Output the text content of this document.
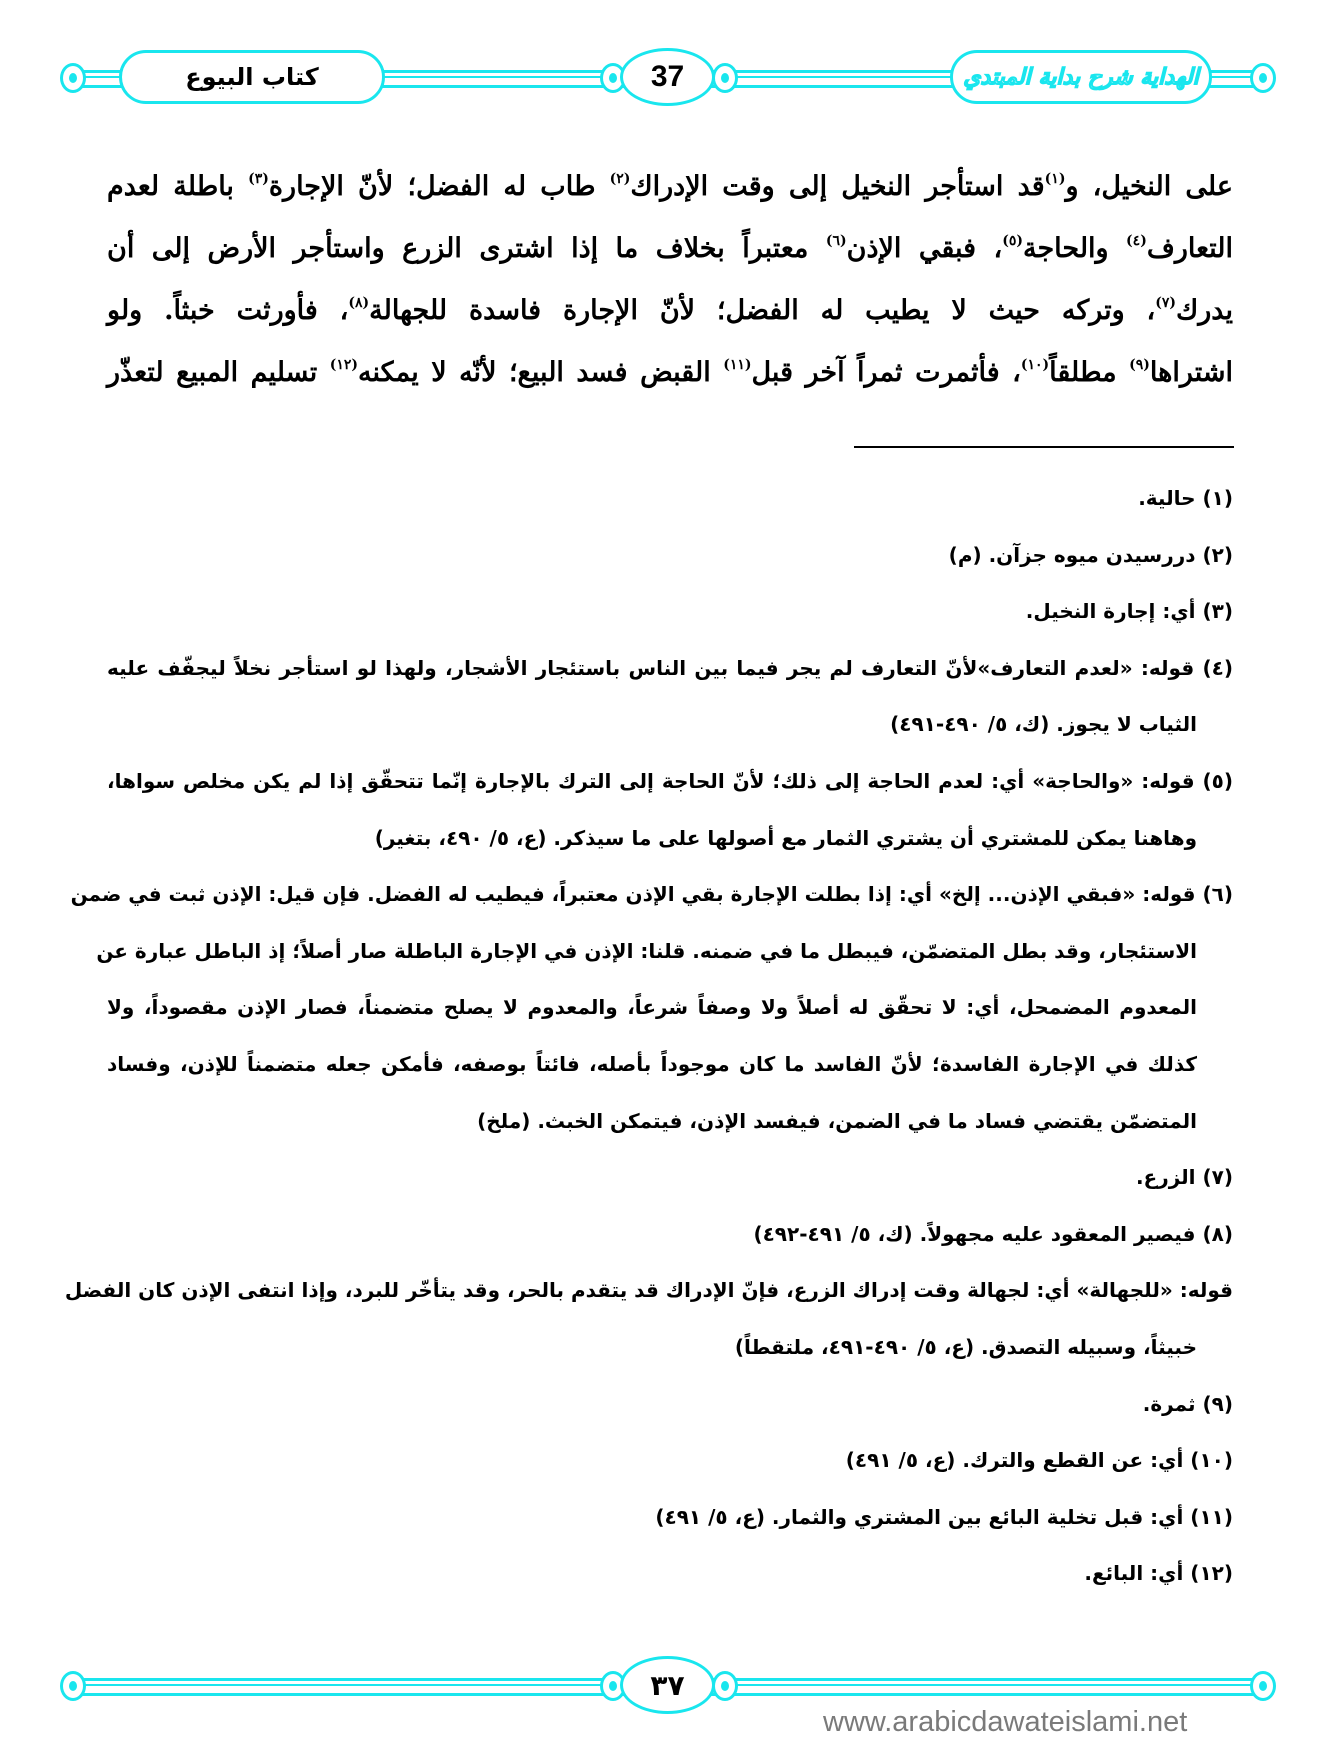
كتاب البيوع	37	الهداية شرح بداية المبتدي
على النخيل، و$^{(١)}$قد استأجر النخيل إلى وقت الإدراك$^{(٢)}$ طاب له الفضل؛ لأنّ الإجارة$^{(٣)}$ باطلة لعدم
التعارف$^{(٤)}$ والحاجة$^{(٥)}$، فبقي الإذن$^{(٦)}$ معتبراً بخلاف ما إذا اشترى الزرع واستأجر الأرض إلى أن
يدرك$^{(٧)}$، وتركه حيث لا يطيب له الفضل؛ لأنّ الإجارة فاسدة للجهالة$^{(٨)}$، فأورثت خبثاً. ولو
اشتراها$^{(٩)}$ مطلقاً$^{(١٠)}$، فأثمرت ثمراً آخر قبل$^{(١١)}$ القبض فسد البيع؛ لأنّه لا يمكنه$^{(١٢)}$ تسليم المبيع لتعذّر
(١) حالية.
(٢) دررسيدن ميوه جزآن. (م)
(٣) أي: إجارة النخيل.
(٤) قوله: «لعدم التعارف»لأنّ التعارف لم يجر فيما بين الناس باستئجار الأشجار، ولهذا لو استأجر نخلاً ليجفّف عليه
الثياب لا يجوز. (ك، ٥/ ٤٩٠-٤٩١)
(٥) قوله: «والحاجة» أي: لعدم الحاجة إلى ذلك؛ لأنّ الحاجة إلى الترك بالإجارة إنّما تتحقّق إذا لم يكن مخلص سواها،
وهاهنا يمكن للمشتري أن يشتري الثمار مع أصولها على ما سيذكر. (ع، ٥/ ٤٩٠، بتغير)
(٦) قوله: «فبقي الإذن... إلخ» أي: إذا بطلت الإجارة بقي الإذن معتبراً، فيطيب له الفضل. فإن قيل: الإذن ثبت في ضمن
الاستئجار، وقد بطل المتضمّن، فيبطل ما في ضمنه. قلنا: الإذن في الإجارة الباطلة صار أصلاً؛ إذ الباطل عبارة عن
المعدوم المضمحل، أي: لا تحقّق له أصلاً ولا وصفاً شرعاً، والمعدوم لا يصلح متضمناً، فصار الإذن مقصوداً، ولا
كذلك في الإجارة الفاسدة؛ لأنّ الفاسد ما كان موجوداً بأصله، فائتاً بوصفه، فأمكن جعله متضمناً للإذن، وفساد
المتضمّن يقتضي فساد ما في الضمن، فيفسد الإذن، فيتمكن الخبث. (ملخ)
(٧) الزرع.
(٨) فيصير المعقود عليه مجهولاً. (ك، ٥/ ٤٩١-٤٩٢)
قوله: «للجهالة» أي: لجهالة وقت إدراك الزرع، فإنّ الإدراك قد يتقدم بالحر، وقد يتأخّر للبرد، وإذا انتفى الإذن كان الفضل
خبيثاً، وسبيله التصدق. (ع، ٥/ ٤٩٠-٤٩١، ملتقطاً)
(٩) ثمرة.
(١٠) أي: عن القطع والترك. (ع، ٥/ ٤٩١)
(١١) أي: قبل تخلية البائع بين المشتري والثمار. (ع، ٥/ ٤٩١)
(١٢) أي: البائع.
٣٧
www.arabicdawateislami.net
